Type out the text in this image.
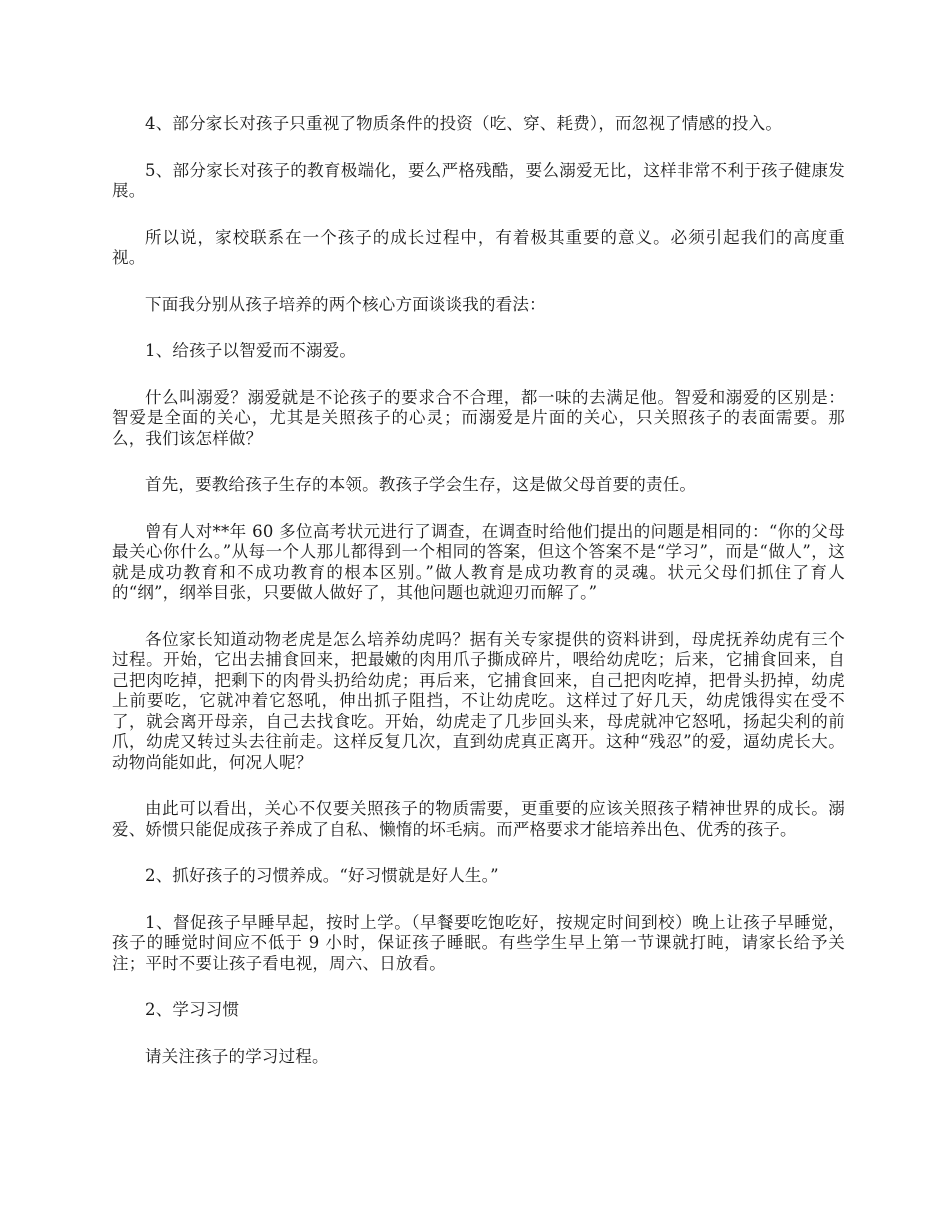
4、部分家长对孩子只重视了物质条件的投资（吃、穿、耗费），而忽视了情感的投入。

5、部分家长对孩子的教育极端化，要么严格残酷，要么溺爱无比，这样非常不利于孩子健康发展。

所以说，家校联系在一个孩子的成长过程中，有着极其重要的意义。必须引起我们的高度重视。

下面我分别从孩子培养的两个核心方面谈谈我的看法：

1、给孩子以智爱而不溺爱。

什么叫溺爱？溺爱就是不论孩子的要求合不合理，都一味的去满足他。智爱和溺爱的区别是：智爱是全面的关心，尤其是关照孩子的心灵；而溺爱是片面的关心，只关照孩子的表面需要。那么，我们该怎样做？

首先，要教给孩子生存的本领。教孩子学会生存，这是做父母首要的责任。

曾有人对**年 60 多位高考状元进行了调查，在调查时给他们提出的问题是相同的：“你的父母最关心你什么。”从每一个人那儿都得到一个相同的答案，但这个答案不是“学习”，而是“做人”，这就是成功教育和不成功教育的根本区别。”做人教育是成功教育的灵魂。状元父母们抓住了育人的“纲”，纲举目张，只要做人做好了，其他问题也就迎刃而解了。”

各位家长知道动物老虎是怎么培养幼虎吗？据有关专家提供的资料讲到，母虎抚养幼虎有三个过程。开始，它出去捕食回来，把最嫩的肉用爪子撕成碎片，喂给幼虎吃；后来，它捕食回来，自己把肉吃掉，把剩下的肉骨头扔给幼虎；再后来，它捕食回来，自己把肉吃掉，把骨头扔掉，幼虎上前要吃，它就冲着它怒吼，伸出抓子阻挡，不让幼虎吃。这样过了好几天，幼虎饿得实在受不了，就会离开母亲，自己去找食吃。开始，幼虎走了几步回头来，母虎就冲它怒吼，扬起尖利的前爪，幼虎又转过头去往前走。这样反复几次，直到幼虎真正离开。这种“残忍”的爱，逼幼虎长大。动物尚能如此，何况人呢？

由此可以看出，关心不仅要关照孩子的物质需要，更重要的应该关照孩子精神世界的成长。溺爱、娇惯只能促成孩子养成了自私、懒惰的坏毛病。而严格要求才能培养出色、优秀的孩子。

2、抓好孩子的习惯养成。“好习惯就是好人生。”

1、督促孩子早睡早起，按时上学。（早餐要吃饱吃好，按规定时间到校）晚上让孩子早睡觉，孩子的睡觉时间应不低于 9 小时，保证孩子睡眠。有些学生早上第一节课就打盹，请家长给予关注；平时不要让孩子看电视，周六、日放看。

2、学习习惯

请关注孩子的学习过程。
